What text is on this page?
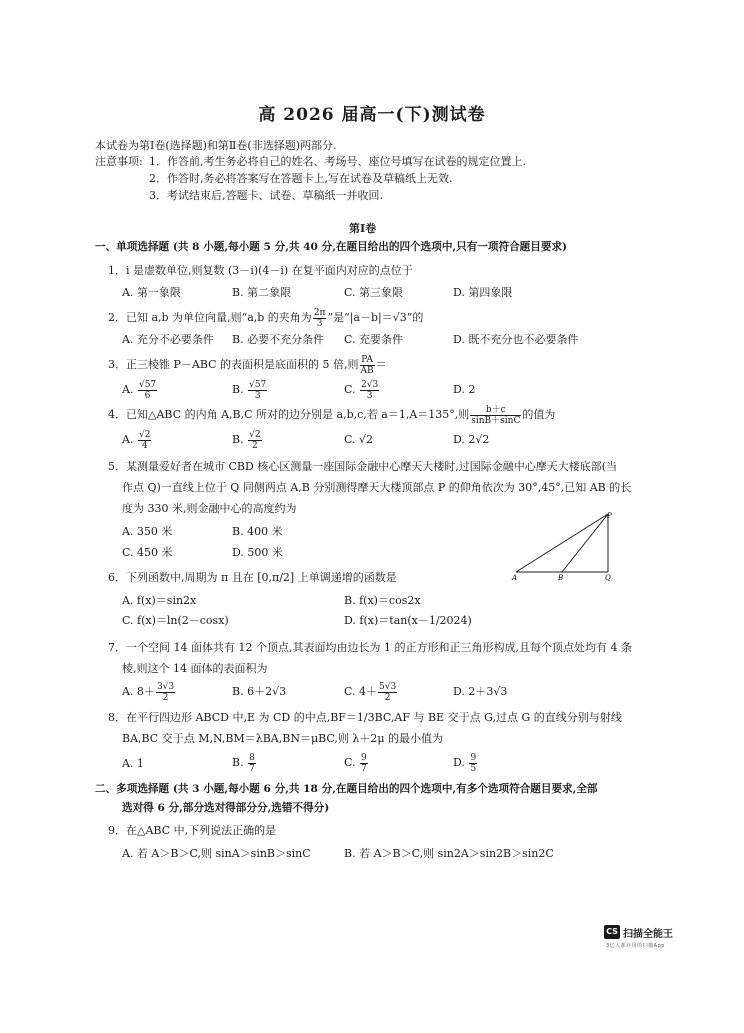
高 2026 届高一(下)测试卷
本试卷为第Ⅰ卷(选择题)和第Ⅱ卷(非选择题)两部分.
注意事项: 1．作答前,考生务必将自己的姓名、考场号、座位号填写在试卷的规定位置上.
2．作答时,务必将答案写在答题卡上,写在试卷及草稿纸上无效.
3．考试结束后,答题卡、试卷、草稿纸一并收回.
第Ⅰ卷
一、单项选择题 (共 8 小题,每小题 5 分,共 40 分,在题目给出的四个选项中,只有一项符合题目要求)
1．i 是虚数单位,则复数 (3－i)(4－i) 在复平面内对应的点位于
A. 第一象限	B. 第二象限	C. 第三象限	D. 第四象限
2．已知 a,b 为单位向量,则“a,b 的夹角为 $\frac{2\pi}{3}$ ”是“|a－b|＝√3”的
A. 充分不必要条件 B. 必要不充分条件 C. 充要条件	D. 既不充分也不必要条件
3．正三棱锥 P－ABC 的表面积是底面积的 5 倍,则 $\frac{PA}{AB}$ ＝
A. $\frac{√57}{6}$	B. $\frac{√57}{3}$	C. $\frac{2√3}{3}$	D. 2
4．已知△ABC 的内角 A,B,C 所对的边分别是 a,b,c,若 a＝1,A＝135°,则 $\frac{b+c}{\sin B+\sin C}$ 的值为
A. $\frac{√2}{4}$	B. $\frac{√2}{2}$	C. √2	D. 2√2
5．某测量爱好者在城市 CBD 核心区测量一座国际金融中心摩天大楼时,过国际金融中心摩天大楼底部(当
作点 Q)一直线上位于 Q 同侧两点 A,B 分别测得摩天大楼顶部点 P 的仰角依次为 30°,45°,已知 AB 的长
度为 330 米,则金融中心的高度约为
A. 350 米	B. 400 米
C. 450 米	D. 500 米
P
A	B	Q
6．下列函数中,周期为 π 且在 [0,π/2] 上单调递增的函数是
A. f(x)＝sin2x	B. f(x)＝cos2x
C. f(x)＝ln(2－cosx)	D. f(x)＝tan(x－1/2024)
7．一个空间 14 面体共有 12 个顶点,其表面均由边长为 1 的正方形和正三角形构成,且每个顶点处均有 4 条
棱,则这个 14 面体的表面积为
A. $8+ \frac{3√3}{2}$	B. 6＋2√3	C. $4+ \frac{5√3}{2}$	D. 2＋3√3
8．在平行四边形 ABCD 中,E 为 CD 的中点,BF＝1/3BC,AF 与 BE 交于点 G,过点 G 的直线分别与射线
BA,BC 交于点 M,N,BM＝λBA,BN＝μBC,则 λ＋2μ 的最小值为
A. 1	B. $\frac{8}{7}$	C. $\frac{9}{7}$	D. $\frac{9}{5}$
二、多项选择题 (共 3 小题,每小题 6 分,共 18 分,在题目给出的四个选项中,有多个选项符合题目要求,全部
选对得 6 分,部分选对得部分分,选错不得分)
9．在△ABC 中,下列说法正确的是
A. 若 A＞B＞C,则 sinA＞sinB＞sinC	B. 若 A＞B＞C,则 sin2A＞sin2B＞sin2C
CS 扫描全能王
3亿人都在用的扫描App
